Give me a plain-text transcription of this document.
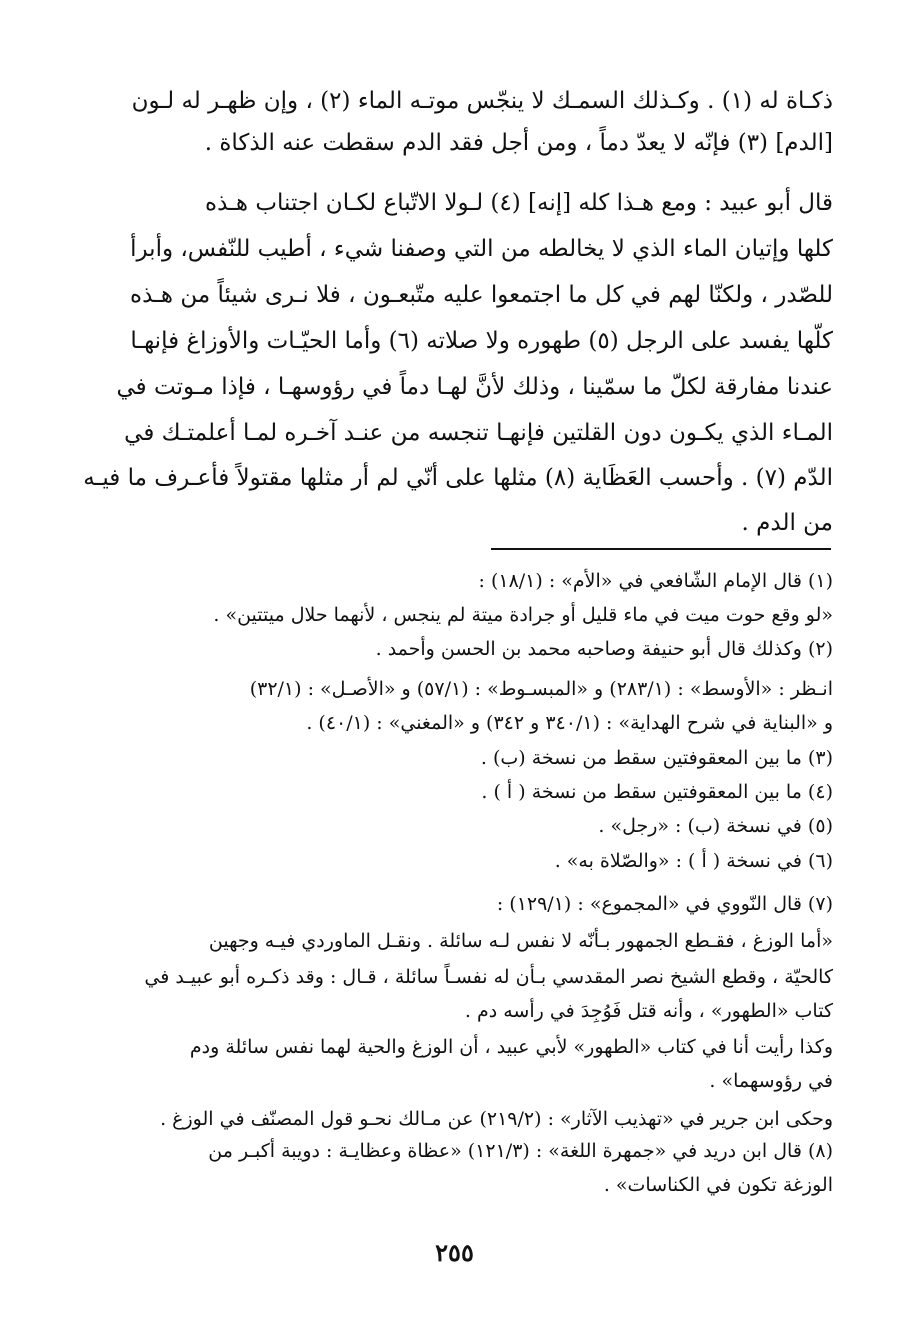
ذكـاة له (١) . وكـذلك السمـك لا ينجّس موتـه الماء (٢) ، وإن ظهـر له لـون
[الدم] (٣) فإنّه لا يعدّ دماً ، ومن أجل فقد الدم سقطت عنه الذكاة .
قال أبو عبيد : ومع هـذا كله [إنه] (٤) لـولا الاتّباع لكـان اجتناب هـذه
كلها وإتيان الماء الذي لا يخالطه من التي وصفنا شيء ، أطيب للنّفس، وأبرأ
للصّدر ، ولكنّا لهم في كل ما اجتمعوا عليه متّبعـون ، فلا نـرى شيئاً من هـذه
كلّها يفسد على الرجل (٥) طهوره ولا صلاته (٦) وأما الحيّـات والأوزاغ فإنهـا
عندنا مفارقة لكلّ ما سمّينا ، وذلك لأنَّ لهـا دماً في رؤوسهـا ، فإذا مـوتت في
المـاء الذي يكـون دون القلتين فإنهـا تنجسه من عنـد آخـره لمـا أعلمتـك في
الدّم (٧) . وأحسب العَظَاية (٨) مثلها على أنّي لم أر مثلها مقتولاً فأعـرف ما فيـه
من الدم .
(١) قال الإمام الشّافعي في «الأم» : (١٨/١) :
«لو وقع حوت ميت في ماء قليل أو جرادة ميتة لم ينجس ، لأنهما حلال ميتتين» .
(٢) وكذلك قال أبو حنيفة وصاحبه محمد بن الحسن وأحمد .
انـظر : «الأوسط» : (٢٨٣/١) و «المبسـوط» : (٥٧/١) و «الأصـل» : (٣٢/١)
و «البناية في شرح الهداية» : (٣٤٠/١ و ٣٤٢) و «المغني» : (٤٠/١) .
(٣) ما بين المعقوفتين سقط من نسخة (ب) .
(٤) ما بين المعقوفتين سقط من نسخة ( أ ) .
(٥) في نسخة (ب) : «رجل» .
(٦) في نسخة ( أ ) : «والصّلاة به» .
(٧) قال النّووي في «المجموع» : (١٢٩/١) :
«أما الوزغ ، فقـطع الجمهور بـأنّه لا نفس لـه سائلة . ونقـل الماوردي فيـه وجهين
كالحيّة ، وقطع الشيخ نصر المقدسي بـأن له نفسـاً سائلة ، قـال : وقد ذكـره أبو عبيـد في
كتاب «الطهور» ، وأنه قتل فَوُجِدَ في رأسه دم .
وكذا رأيت أنا في كتاب «الطهور» لأبي عبيد ، أن الوزغ والحية لهما نفس سائلة ودم
في رؤوسهما» .
وحكى ابن جرير في «تهذيب الآثار» : (٢١٩/٢) عن مـالك نحـو قول المصنّف في الوزغ .
(٨) قال ابن دريد في «جمهرة اللغة» : (١٢١/٣) «عظاة وعظايـة : دويبة أكبـر من
الوزغة تكون في الكناسات» .
٢٥٥
